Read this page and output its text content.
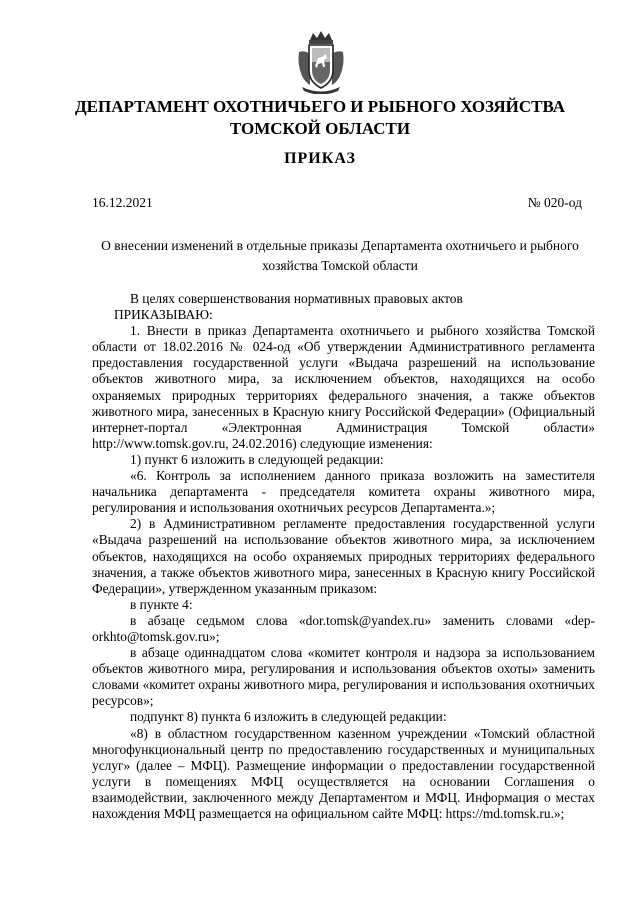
ДЕПАРТАМЕНТ ОХОТНИЧЬЕГО И РЫБНОГО ХОЗЯЙСТВА
ТОМСКОЙ ОБЛАСТИ
ПРИКАЗ
16.12.2021	№ 020-од
О внесении изменений в отдельные приказы Департамента охотничьего и рыбного
хозяйства Томской области

В целях совершенствования нормативных правовых актов

ПРИКАЗЫВАЮ:

1. Внести в приказ Департамента охотничьего и рыбного хозяйства Томской области от 18.02.2016 № 024-од «Об утверждении Административного регламента предоставления государственной услуги «Выдача разрешений на использование объектов животного мира, за исключением объектов, находящихся на особо охраняемых природных территориях федерального значения, а также объектов животного мира, занесенных в Красную книгу Российской Федерации» (Официальный интернет-портал «Электронная Администрация Томской области» http://www.tomsk.gov.ru, 24.02.2016) следующие изменения:

1) пункт 6 изложить в следующей редакции:

«6. Контроль за исполнением данного приказа возложить на заместителя начальника департамента - председателя комитета охраны животного мира, регулирования и использования охотничьих ресурсов Департамента.»;

2) в Административном регламенте предоставления государственной услуги «Выдача разрешений на использование объектов животного мира, за исключением объектов, находящихся на особо охраняемых природных территориях федерального значения, а также объектов животного мира, занесенных в Красную книгу Российской Федерации», утвержденном указанным приказом:

в пункте 4:

в абзаце седьмом слова «dor.tomsk@yandex.ru» заменить словами «dep-orkhto@tomsk.gov.ru»;

в абзаце одиннадцатом слова «комитет контроля и надзора за использованием объектов животного мира, регулирования и использования объектов охоты» заменить словами «комитет охраны животного мира, регулирования и использования охотничьих ресурсов»;

подпункт 8) пункта 6 изложить в следующей редакции:

«8) в областном государственном казенном учреждении «Томский областной многофункциональный центр по предоставлению государственных и муниципальных услуг» (далее – МФЦ). Размещение информации о предоставлении государственной услуги в помещениях МФЦ осуществляется на основании Соглашения о взаимодействии, заключенного между Департаментом и МФЦ. Информация о местах нахождения МФЦ размещается на официальном сайте МФЦ: https://md.tomsk.ru.»;
